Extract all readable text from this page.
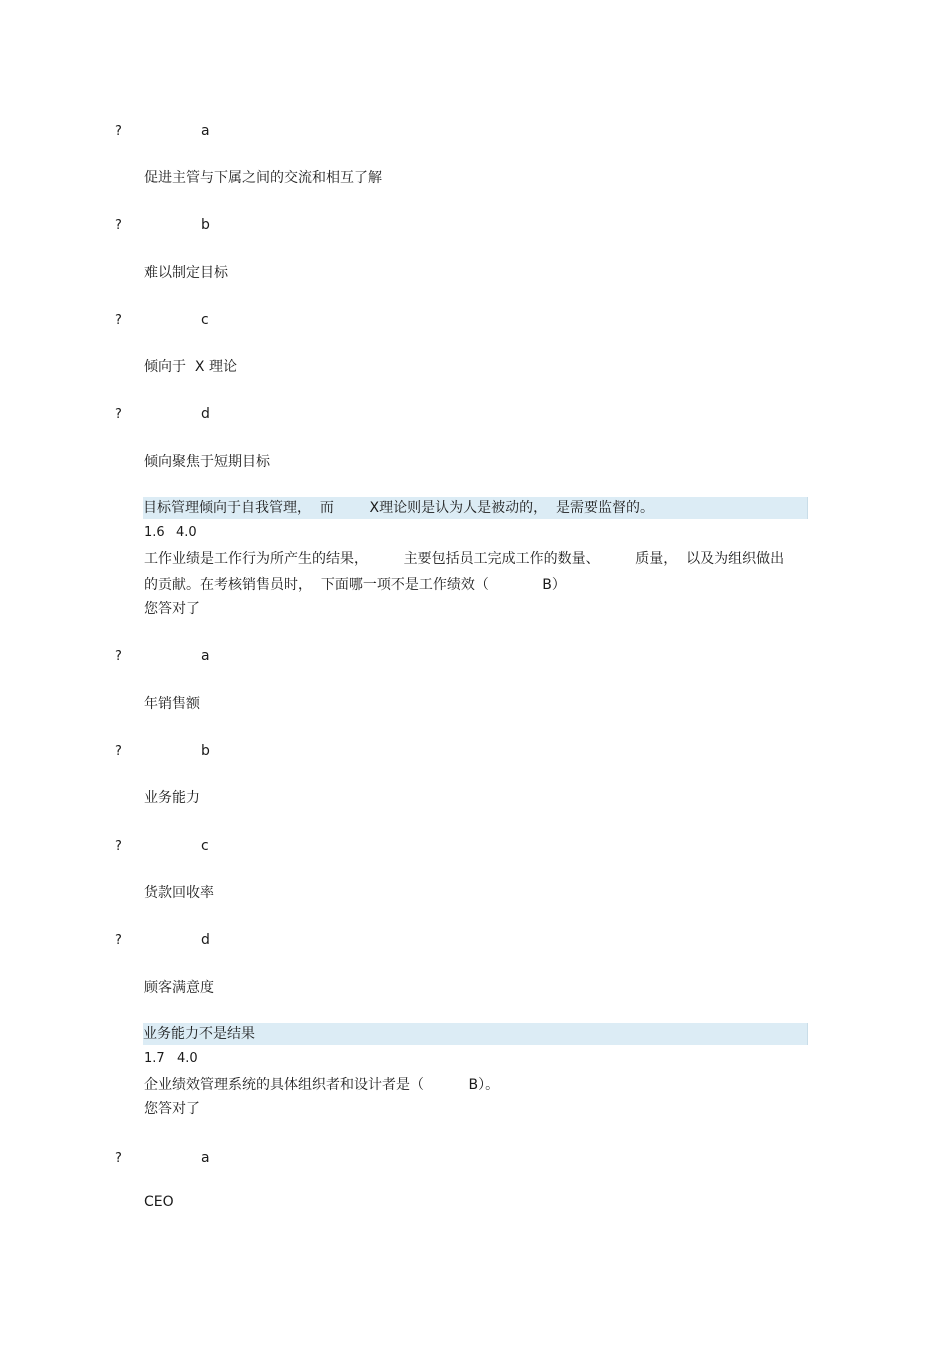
?	a
促进主管与下属之间的交流和相互了解
?	b
难以制定目标
?	c
倾向于  X 理论
?	d
倾向聚焦于短期目标
目标管理倾向于自我管理，  而        X理论则是认为人是被动的，  是需要监督的。
1.6 4.0
工作业绩是工作行为所产生的结果，        主要包括员工完成工作的数量、        质量，  以及为组织做出
的贡献。在考核销售员时，  下面哪一项不是工作绩效（            B）
您答对了
?	a
年销售额
?	b
业务能力
?	c
货款回收率
?	d
顾客满意度
业务能力不是结果
1.7 4.0
企业绩效管理系统的具体组织者和设计者是（          B）。
您答对了
?	a
CEO
